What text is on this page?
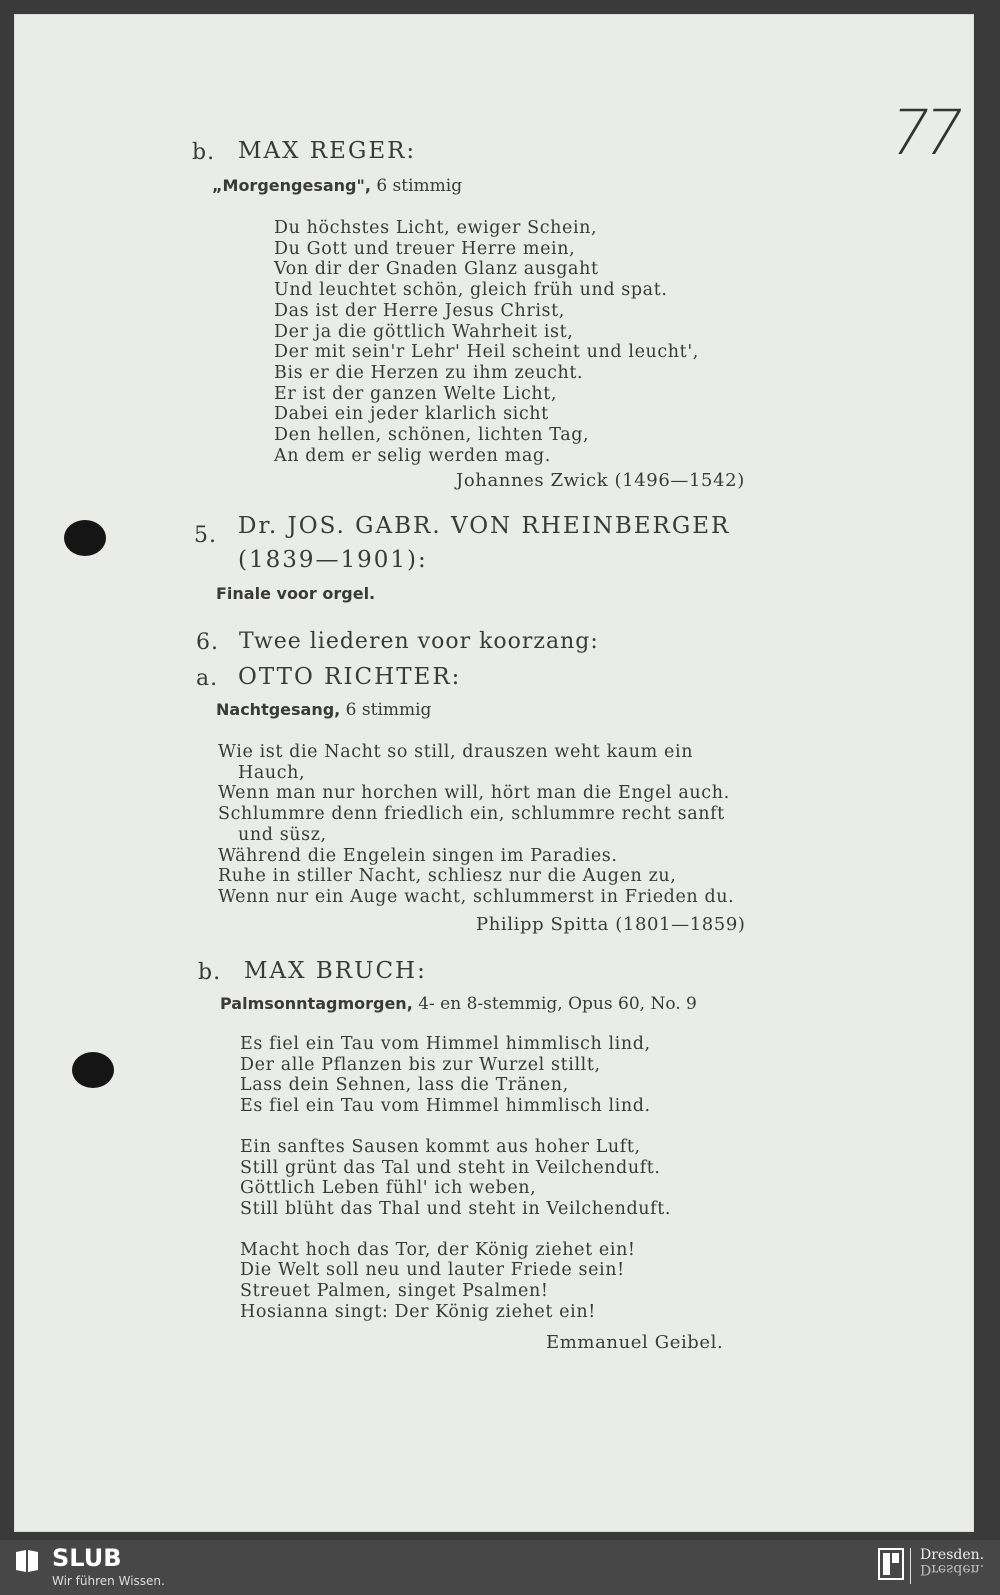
77
b. MAX REGER:
„Morgengesang", 6 stimmig
Du höchstes Licht, ewiger Schein,
Du Gott und treuer Herre mein,
Von dir der Gnaden Glanz ausgaht
Und leuchtet schön, gleich früh und spat.
Das ist der Herre Jesus Christ,
Der ja die göttlich Wahrheit ist,
Der mit sein'r Lehr' Heil scheint und leucht',
Bis er die Herzen zu ihm zeucht.
Er ist der ganzen Welte Licht,
Dabei ein jeder klarlich sicht
Den hellen, schönen, lichten Tag,
An dem er selig werden mag.
Johannes Zwick (1496—1542)
5. Dr. JOS. GABR. VON RHEINBERGER
(1839—1901):
Finale voor orgel.
6. Twee liederen voor koorzang:
a. OTTO RICHTER:
Nachtgesang, 6 stimmig
Wie ist die Nacht so still, drauszen weht kaum ein
Hauch,
Wenn man nur horchen will, hört man die Engel auch.
Schlummre denn friedlich ein, schlummre recht sanft
und süsz,
Während die Engelein singen im Paradies.
Ruhe in stiller Nacht, schliesz nur die Augen zu,
Wenn nur ein Auge wacht, schlummerst in Frieden du.
Philipp Spitta (1801—1859)
b. MAX BRUCH:
Palmsonntagmorgen, 4- en 8-stemmig, Opus 60, No. 9
Es fiel ein Tau vom Himmel himmlisch lind,
Der alle Pflanzen bis zur Wurzel stillt,
Lass dein Sehnen, lass die Tränen,
Es fiel ein Tau vom Himmel himmlisch lind.
Ein sanftes Sausen kommt aus hoher Luft,
Still grünt das Tal und steht in Veilchenduft.
Göttlich Leben fühl' ich weben,
Still blüht das Thal und steht in Veilchenduft.
Macht hoch das Tor, der König ziehet ein!
Die Welt soll neu und lauter Friede sein!
Streuet Palmen, singet Psalmen!
Hosianna singt: Der König ziehet ein!
Emmanuel Geibel.
SLUB
Wir führen Wissen.
Dresden.
Dresden.
